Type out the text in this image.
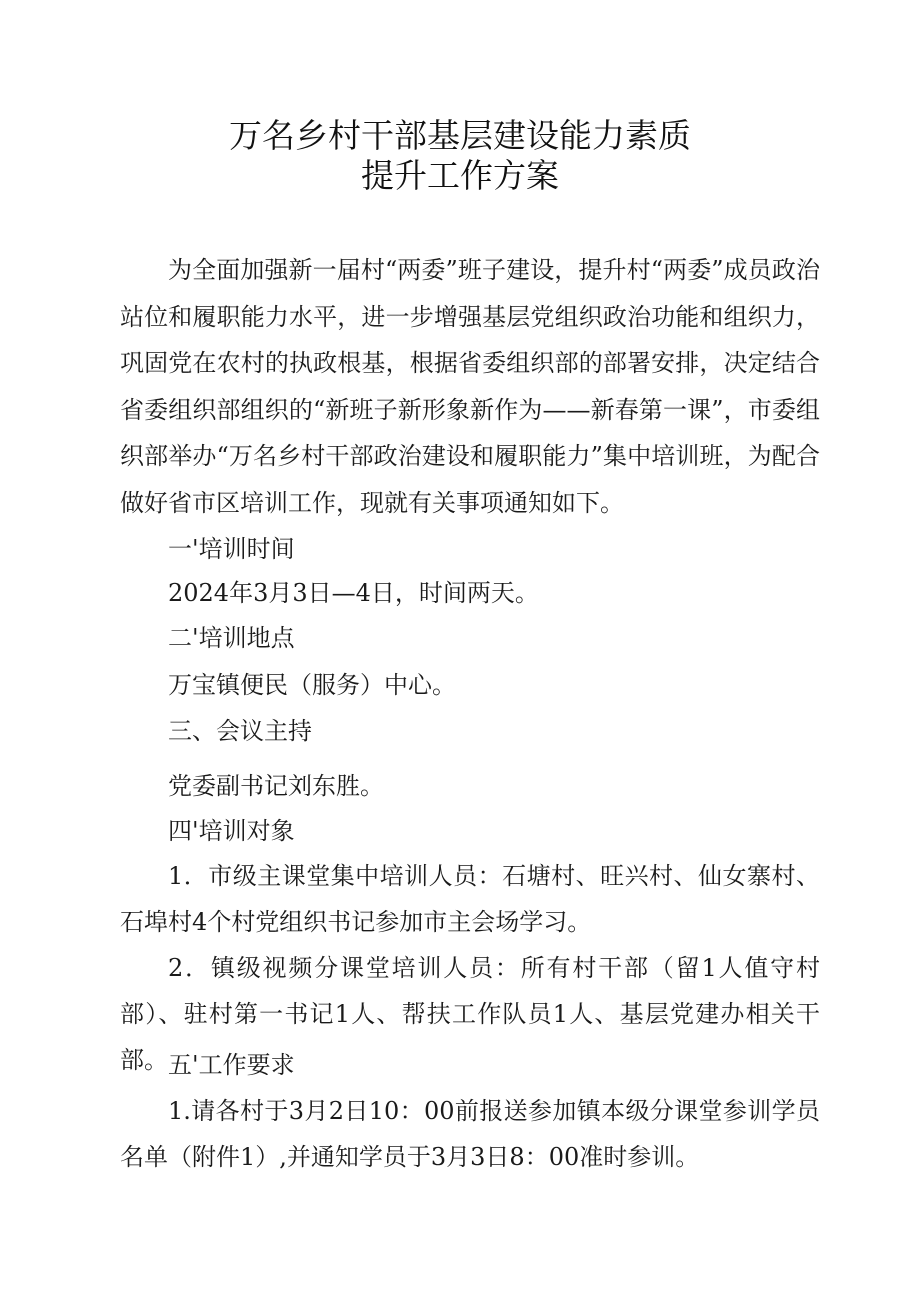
万名乡村干部基层建设能力素质
提升工作方案
为全面加强新一届村“两委”班子建设，提升村“两委”成员政治站位和履职能力水平，进一步增强基层党组织政治功能和组织力，巩固党在农村的执政根基，根据省委组织部的部署安排，决定结合省委组织部组织的“新班子新形象新作为——新春第一课”，市委组织部举办“万名乡村干部政治建设和履职能力”集中培训班，为配合做好省市区培训工作，现就有关事项通知如下。
一'培训时间
2024年3月3日—4日，时间两天。
二'培训地点
万宝镇便民（服务）中心。
三、会议主持
党委副书记刘东胜。
四'培训对象
1．市级主课堂集中培训人员：石塘村、旺兴村、仙女寨村、石埠村4个村党组织书记参加市主会场学习。
2．镇级视频分课堂培训人员：所有村干部（留1人值守村部）、驻村第一书记1人、帮扶工作队员1人、基层党建办相关干部。 五'工作要求
1.请各村于3月2日10：00前报送参加镇本级分课堂参训学员名单（附件1）,并通知学员于3月3日8：00准时参训。
